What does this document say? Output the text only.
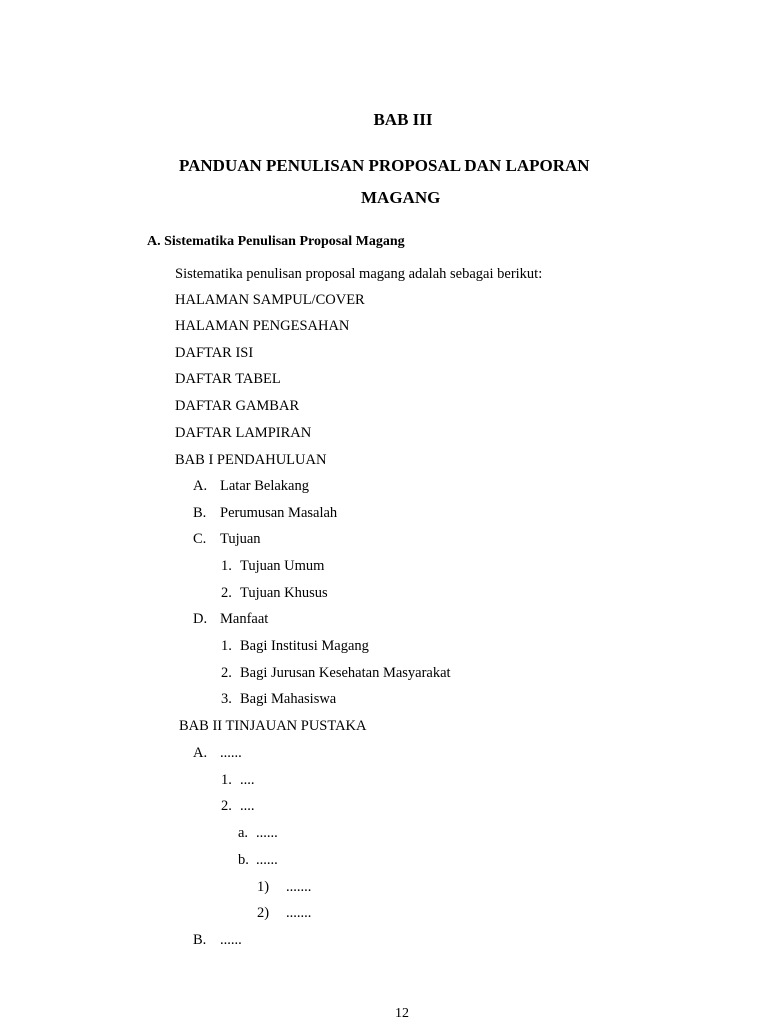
BAB III
PANDUAN PENULISAN PROPOSAL DAN LAPORAN
MAGANG
A. Sistematika Penulisan Proposal Magang
Sistematika penulisan proposal magang adalah sebagai berikut:
HALAMAN SAMPUL/COVER
HALAMAN PENGESAHAN
DAFTAR ISI
DAFTAR TABEL
DAFTAR GAMBAR
DAFTAR LAMPIRAN
BAB I PENDAHULUAN
A. Latar Belakang
B. Perumusan Masalah
C. Tujuan
1. Tujuan Umum
2. Tujuan Khusus
D. Manfaat
1. Bagi Institusi Magang
2. Bagi Jurusan Kesehatan Masyarakat
3. Bagi Mahasiswa
BAB II TINJAUAN PUSTAKA
A. ......
1. ....
2. ....
a. ......
b. ......
1) .......
2) .......
B. ......
12
